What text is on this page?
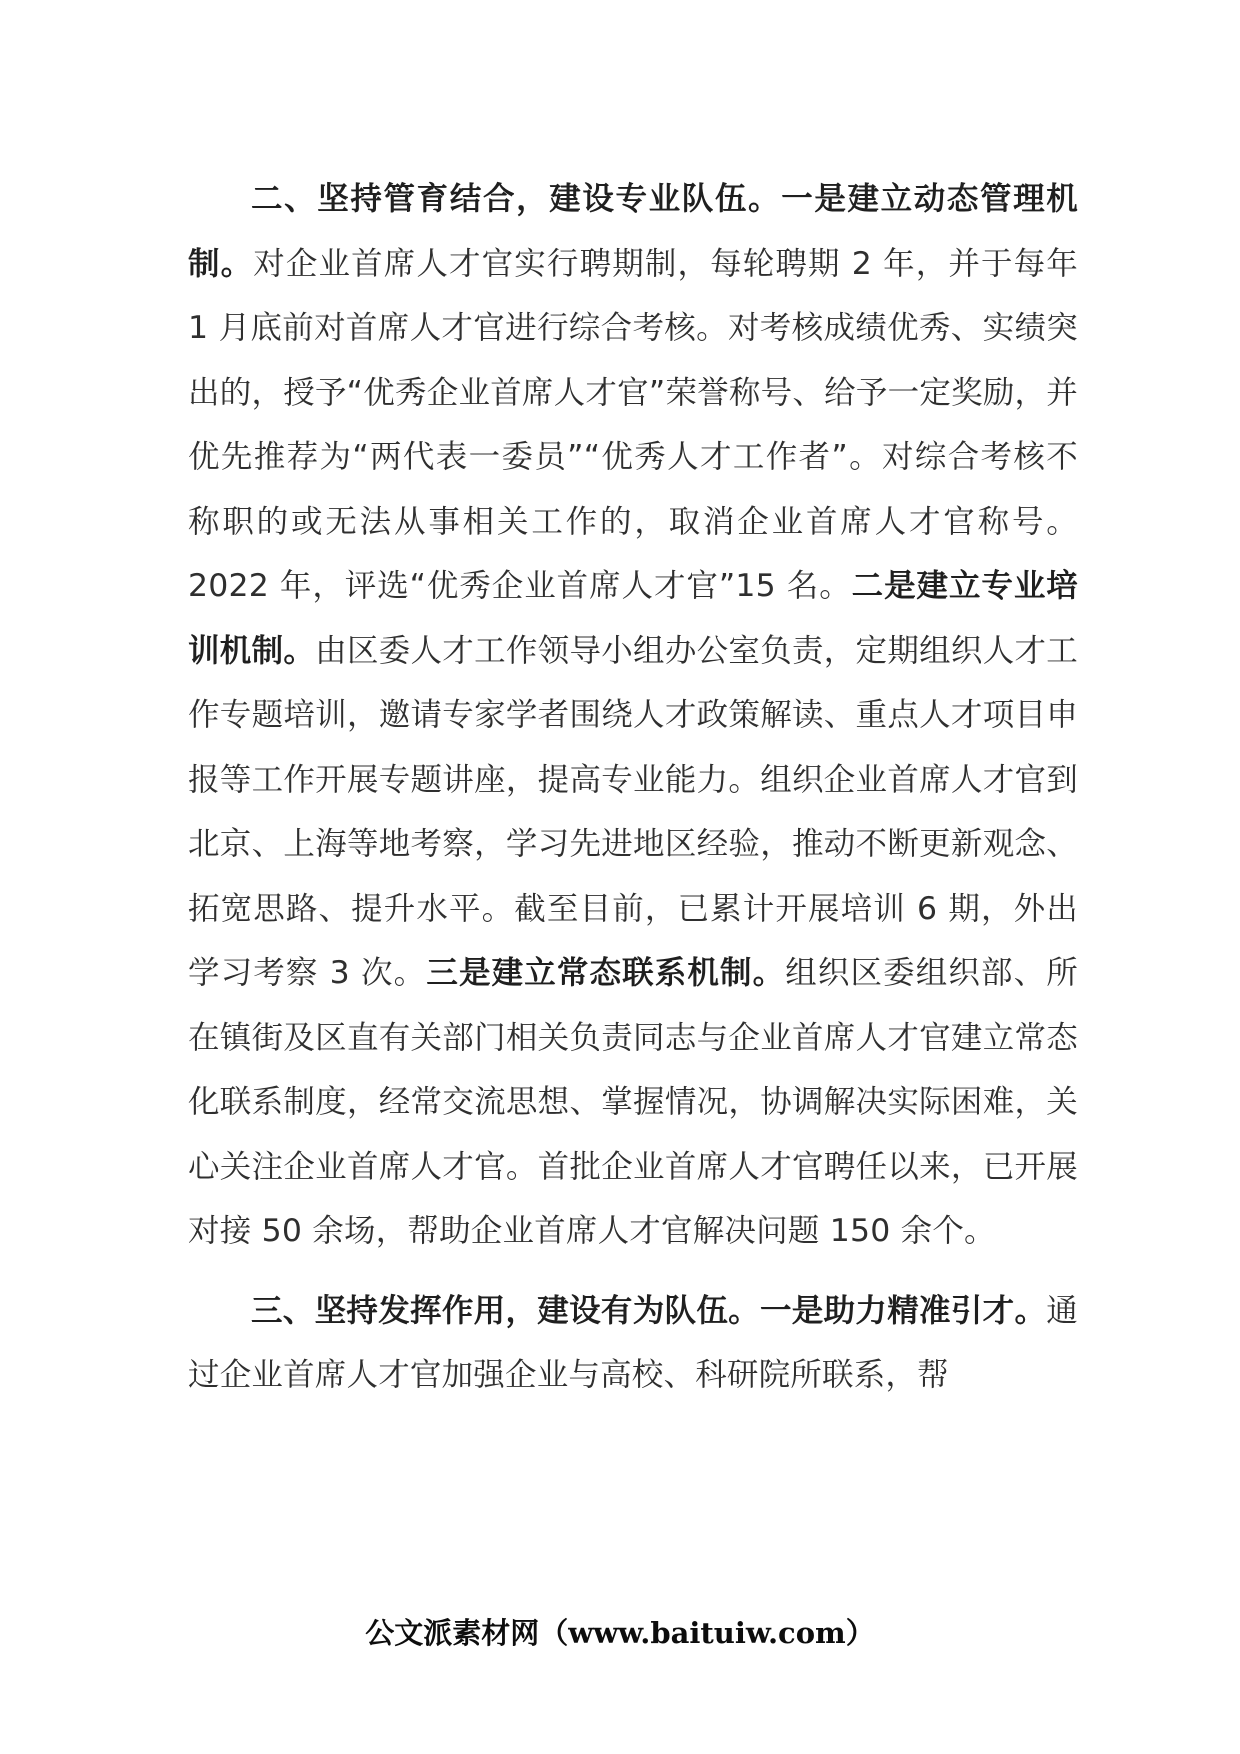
二、坚持管育结合，建设专业队伍。一是建立动态管理机制。对企业首席人才官实行聘期制，每轮聘期 2 年，并于每年 1 月底前对首席人才官进行综合考核。对考核成绩优秀、实绩突出的，授予“优秀企业首席人才官”荣誉称号、给予一定奖励，并优先推荐为“两代表一委员”“优秀人才工作者”。对综合考核不称职的或无法从事相关工作的，取消企业首席人才官称号。2022 年，评选“优秀企业首席人才官”15 名。二是建立专业培训机制。由区委人才工作领导小组办公室负责，定期组织人才工作专题培训，邀请专家学者围绕人才政策解读、重点人才项目申报等工作开展专题讲座，提高专业能力。组织企业首席人才官到北京、上海等地考察，学习先进地区经验，推动不断更新观念、拓宽思路、提升水平。截至目前，已累计开展培训 6 期，外出学习考察 3 次。三是建立常态联系机制。组织区委组织部、所在镇街及区直有关部门相关负责同志与企业首席人才官建立常态化联系制度，经常交流思想、掌握情况，协调解决实际困难，关心关注企业首席人才官。首批企业首席人才官聘任以来，已开展对接 50 余场，帮助企业首席人才官解决问题 150 余个。

三、坚持发挥作用，建设有为队伍。一是助力精准引才。通过企业首席人才官加强企业与高校、科研院所联系，帮

公文派素材网（www.baituiw.com）
